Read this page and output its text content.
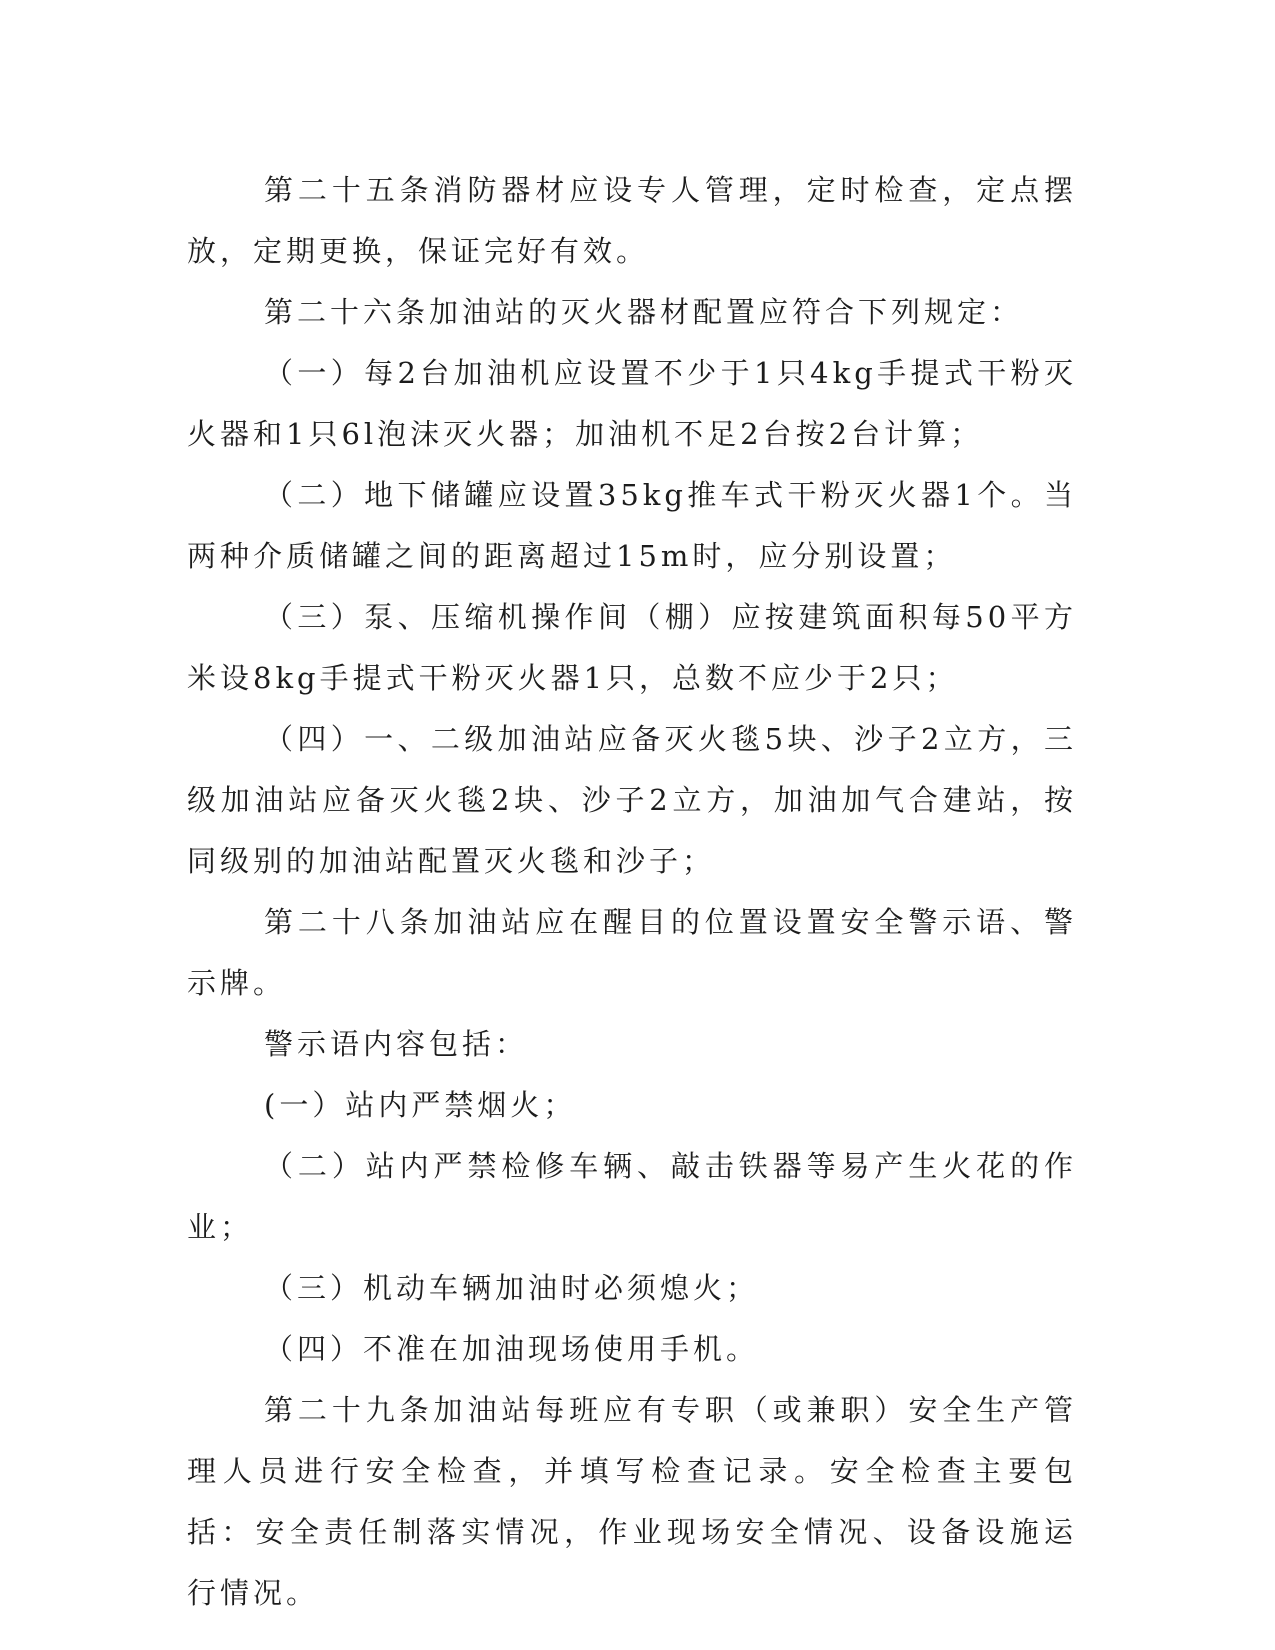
第二十五条消防器材应设专人管理，定时检查，定点摆放，定期更换，保证完好有效。

第二十六条加油站的灭火器材配置应符合下列规定：

（一）每2台加油机应设置不少于1只4kg手提式干粉灭火器和1只6l泡沫灭火器；加油机不足2台按2台计算；

（二）地下储罐应设置35kg推车式干粉灭火器1个。当两种介质储罐之间的距离超过15m时，应分别设置；

（三）泵、压缩机操作间（棚）应按建筑面积每50平方米设8kg手提式干粉灭火器1只，总数不应少于2只；

（四）一、二级加油站应备灭火毯5块、沙子2立方，三级加油站应备灭火毯2块、沙子2立方，加油加气合建站，按同级别的加油站配置灭火毯和沙子；

第二十八条加油站应在醒目的位置设置安全警示语、警示牌。

警示语内容包括：

(一）站内严禁烟火；

（二）站内严禁检修车辆、敲击铁器等易产生火花的作业；

（三）机动车辆加油时必须熄火；

（四）不准在加油现场使用手机。

第二十九条加油站每班应有专职（或兼职）安全生产管理人员进行安全检查，并填写检查记录。安全检查主要包括：安全责任制落实情况，作业现场安全情况、设备设施运行情况。
